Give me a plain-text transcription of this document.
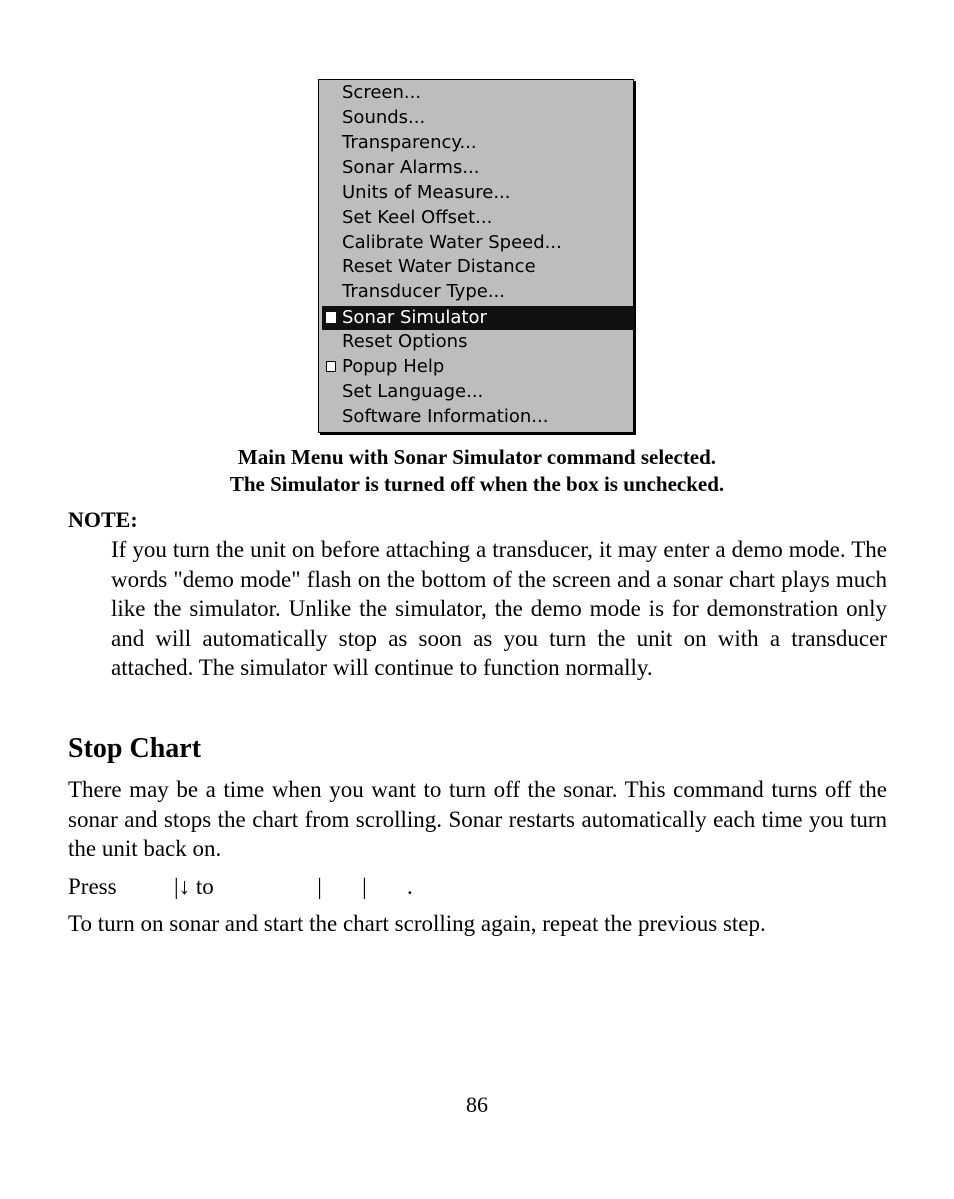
Screen...
Sounds...
Transparency...
Sonar Alarms...
Units of Measure...
Set Keel Offset...
Calibrate Water Speed...
Reset Water Distance
Transducer Type...
Sonar Simulator
Reset Options
Popup Help
Set Language...
Software Information...
Main Menu with Sonar Simulator command selected.
The Simulator is turned off when the box is unchecked.
NOTE:
If you turn the unit on before attaching a transducer, it may enter a demo mode. The words "demo mode" flash on the bottom of the screen and a sonar chart plays much like the simulator. Unlike the simulator, the demo mode is for demonstration only and will automatically stop as soon as you turn the unit on with a transducer attached. The simulator will continue to function normally.
Stop Chart
There may be a time when you want to turn off the sonar. This command turns off the sonar and stops the chart from scrolling. Sonar restarts automatically each time you turn the unit back on.
Press          |↓ to                  |       |       .
To turn on sonar and start the chart scrolling again, repeat the previous step.
86
